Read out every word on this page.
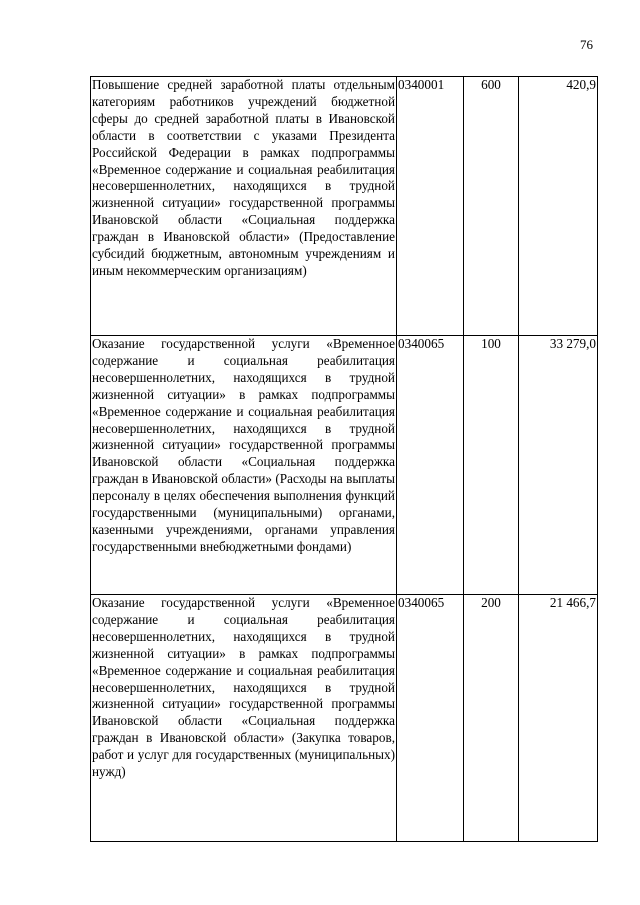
76
Повышение средней заработной платы отдельным категориям работников учреждений бюджетной сферы до средней заработной платы в Ивановской области в соответствии с указами Президента Российской Федерации в рамках подпрограммы «Временное содержание и социальная реабилитация несовершеннолетних, находящихся в трудной жизненной ситуации» государственной программы Ивановской области «Социальная поддержка граждан в Ивановской области» (Предоставление субсидий бюджетным, автономным учреждениям и иным некоммерческим организациям)	0340001	600	420,9
Оказание государственной услуги «Временное содержание и социальная реабилитация несовершеннолетних, находящихся в трудной жизненной ситуации» в рамках подпрограммы «Временное содержание и социальная реабилитация несовершеннолетних, находящихся в трудной жизненной ситуации» государственной программы Ивановской области «Социальная поддержка граждан в Ивановской области» (Расходы на выплаты персоналу в целях обеспечения выполнения функций государственными (муниципальными) органами, казенными учреждениями, органами управления государственными внебюджетными фондами)	0340065	100	33 279,0
Оказание государственной услуги «Временное содержание и социальная реабилитация несовершеннолетних, находящихся в трудной жизненной ситуации» в рамках подпрограммы «Временное содержание и социальная реабилитация несовершеннолетних, находящихся в трудной жизненной ситуации» государственной программы Ивановской области «Социальная поддержка граждан в Ивановской области» (Закупка товаров, работ и услуг для государственных (муниципальных) нужд)	0340065	200	21 466,7
